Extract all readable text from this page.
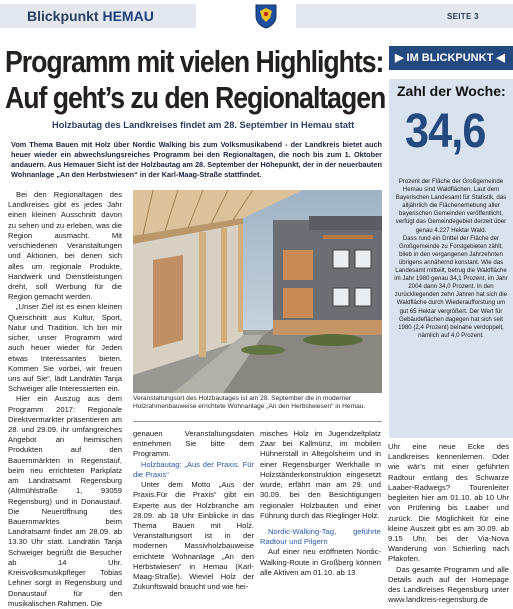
Blickpunkt HEMAU	SEITE 3
Programm mit vielen Highlights:
Auf geht’s zu den Regionaltagen
Holzbautag des Landkreises findet am 28. September in Hemau statt
Vom Thema Bauen mit Holz über Nordic Walking bis zum Volksmusikabend - der Landkreis bietet auch heuer wieder ein abwechslungsreiches Programm bei den Regionaltagen, die noch bis zum 1. Oktober andauern. Aus Hemauer Sicht ist der Holzbautag am 28. September der Höhepunkt, der in der neuerbauten Wohnanlage „An den Herbstwiesen“ in der Karl-Maag-Straße stattfindet.

Bei den Regionaltagen des Landkreises gibt es jedes Jahr einen kleinen Ausschnitt davon zu sehen und zu erleben, was die Region ausmacht. Mit verschiedenen Veranstaltungen und Aktionen, bei denen sich alles um regionale Produkte, Handwerk und Dienstleistungen dreht, soll Werbung für die Region gemacht werden.

„Unser Ziel ist es einen kleinen Querschnitt aus Kultur, Sport, Natur und Tradition. Ich bin mir sicher, unser Programm wird auch heuer wieder für Jeden etwas Interessantes bieten. Kommen Sie vorbei, wir freuen uns auf Sie“, lädt Landrätin Tanja Schweiger alle Interessierten ein.

Hier ein Auszug aus dem Programm 2017: Regionale Direktvermarkter präsentieren am 28. und 29.09. ihr umfangreiches Angebot an heimischen Produkten auf den Bauernmärkten in Regenstauf, beim neu errichteten Parkplatz am Landratsamt Regensburg (Altmühlstraße 1, 93059 Regensburg) und in Donaustauf. Die Neueröffnung des Bauernmarktes beim Landratsamt findet am 28.09. ab 13.30 Uhr statt. Landrätin Tanja Schweiger begrüßt die Besucher ab 14 Uhr. Kreisvolksmusikpfleger Tobias Lehner sorgt in Regensburg und Donaustauf für den musikalischen Rahmen. Die

Veranstaltungsort des Holzbautages ist am 28. September die in moderner Holzrahmenbauweise errichtete Wohnanlage „An den Herbstwiesen“ in Hemau.

genauen Veranstaltungsdaten entnehmen Sie bitte dem Programm.

Holzbautag: „Aus der Praxis. Für die Praxis“

Unter dem Motto „Aus der Praxis.Für die Praxis“ gibt ein Experte aus der Holzbranche am 28.09. ab 18 Uhr Einblicke in das Thema Bauen mit Holz. Veranstaltungsort ist in der modernen Massivholzbauweise errichtete Wohnanlage „An den Herbstwiesen“ in Hemau (Karl-Maag-Straße). Wieviel Holz der Zukunftswald braucht und wie hei-

misches Holz im Jugendzeltplatz Zaar bei Kallmünz, im mobilen Hühnerstall in Altegolsheim und in einer Regensburger Werkhalle in Holzständerkonstruktion eingesetzt wurde, erfährt man am 29. und 30.09. bei den Besichtigungen regionaler Holzbauten und einer Führung durch das Rieglinger Holz.

Nordic-Walking-Tag, geführte Radtour und Pilgern

Auf einer neu eröffneten Nordic-Walking-Route in Großberg können alle Aktiven am 01.10. ab 13

Uhr eine neue Ecke des Landkreises kennenlernen. Oder wie wär’s mit einer geführten Radtour entlang des Schwarze Laaber-Radwegs? Tourenleiter begleiten hier am 01.10. ab 10 Uhr von Prüfening bis Laaber und zurück. Die Möglichkeit für eine kleine Auszeit gibt es am 30.09. ab 9.15 Uhr, bei der Via-Nova Wanderung von Schierling nach Pfakofen.

Das gesamte Programm und alle Details auch auf der Homepage des Landkreises Regensburg unter www.landkreis-regensburg.de

▶ IM BLICKPUNKT ◀
Zahl der Woche:
34,6

Prozent der Fläche der Großgemeinde Hemau sind Waldflächen. Laut dem Bayerischen Landesamt für Statistik, das alljährlich die Flächenerhebung aller bayerischen Gemeinden veröffentlicht, verfügt das Gemeindegebiet derzeit über genau 4.227 Hektar Wald.

Dass rund ein Drittel der Fläche der Großgemeinde zu Forstgebieten zählt, blieb in den vergangenen Jahrzehnten übrigens annähernd konstant. Wie das Landesamt mitteilt, betrug die Waldfläche im Jahr 1980 genau 34,1 Prozent, im Jahr 2004 dann 34,0 Prozent. In den zurückliegenden zehn Jahren hat sich die Waldfläche durch Wiederaufforstung um gut 65 Hektar vergrößert. Der Wert für Gebäudeflächen dagegen hat sich seit 1980 (2,4 Prozent) beinahe verdoppelt, nämlich auf 4,0 Prozent.
